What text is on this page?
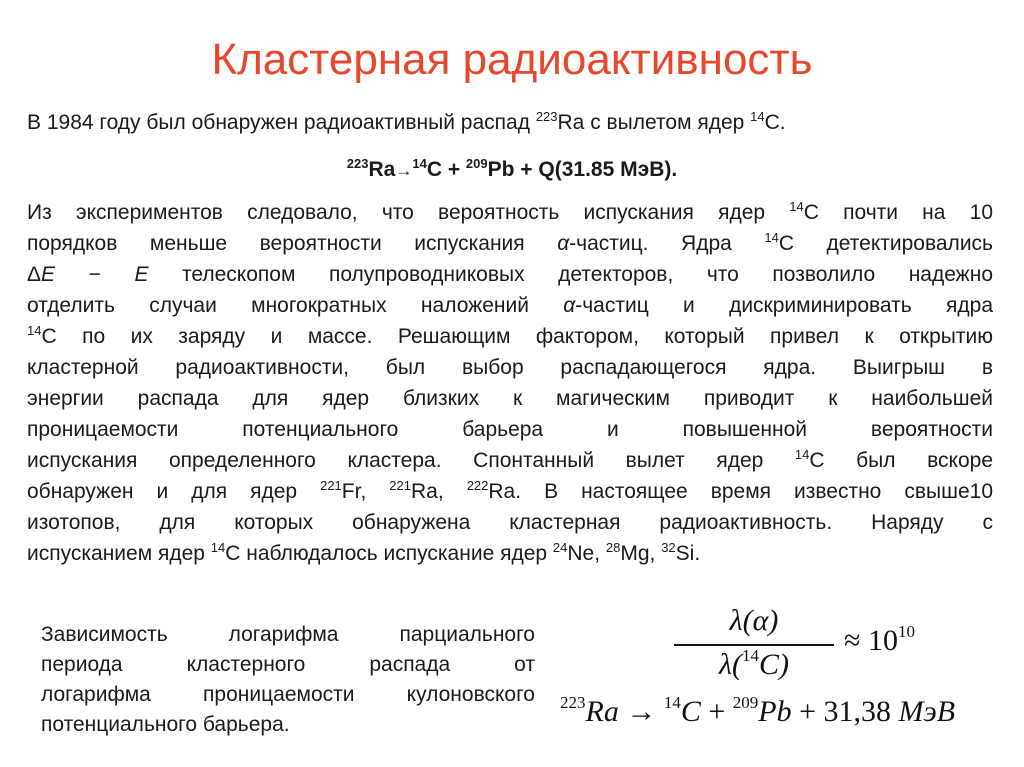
Кластерная радиоактивность
В 1984 году был обнаружен радиоактивный распад $^{223}$Ra с вылетом ядер $^{14}$C.
$^{223}$Ra→$^{14}$C + $^{209}$Pb + Q(31.85 МэВ).
Из экспериментов следовало, что вероятность испускания ядер $^{14}$C почти на 10
порядков меньше вероятности испускания α-частиц. Ядра $^{14}$C детектировались
ΔE − E телескопом полупроводниковых детекторов, что позволило надежно
отделить случаи многократных наложений α-частиц и дискриминировать ядра
$^{14}$C по их заряду и массе. Решающим фактором, который привел к открытию
кластерной радиоактивности, был выбор распадающегося ядра. Выигрыш в
энергии распада для ядер близких к магическим приводит к наибольшей
проницаемости потенциального барьера и повышенной вероятности
испускания определенного кластера. Спонтанный вылет ядер $^{14}$C был вскоре
обнаружен и для ядер $^{221}$Fr, $^{221}$Ra, $^{222}$Ra. В настоящее время известно свыше10
изотопов, для которых обнаружена кластерная радиоактивность. Наряду с
испусканием ядер $^{14}$C наблюдалось испускание ядер $^{24}$Ne, $^{28}$Mg, $^{32}$Si.
Зависимость логарифма парциального
периода кластерного распада от
логарифма проницаемости кулоновского
потенциального барьера.
λ(α)
λ($^{14}$C)
≈ $10^{10}$
$^{223}$Ra → $^{14}$C + $^{209}$Pb + 31,38 МэВ
